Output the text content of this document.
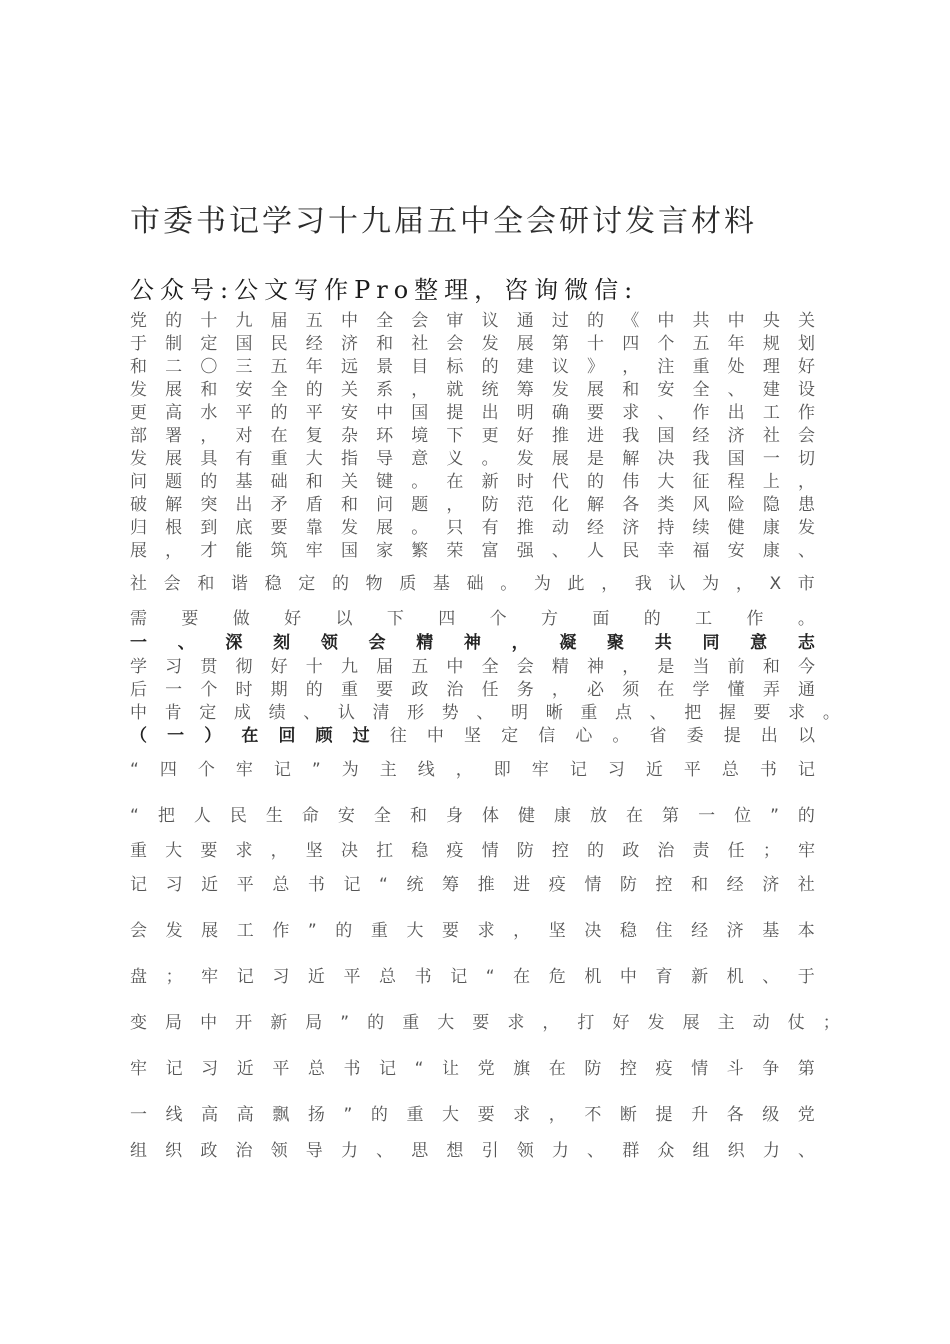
市委书记学习十九届五中全会研讨发言材料
公众号:公文写作Pro整理，咨询微信:
党 的 十 九 届 五 中 全 会 审 议 通 过 的 《 中 共 中 央 关
于 制 定 国 民 经 济 和 社 会 发 展 第 十 四 个 五 年 规 划
和 二 〇 三 五 年 远 景 目 标 的 建 议 》 ， 注 重 处 理 好
发 展 和 安 全 的 关 系 ， 就 统 筹 发 展 和 安 全 、 建 设
更 高 水 平 的 平 安 中 国 提 出 明 确 要 求 、 作 出 工 作
部 署 ， 对 在 复 杂 环 境 下 更 好 推 进 我 国 经 济 社 会
发 展 具 有 重 大 指 导 意 义 。 发 展 是 解 决 我 国 一 切
问 题 的 基 础 和 关 键 。 在 新 时 代 的 伟 大 征 程 上 ，
破 解 突 出 矛 盾 和 问 题 ， 防 范 化 解 各 类 风 险 隐 患
归 根 到 底 要 靠 发 展 。 只 有 推 动 经 济 持 续 健 康 发
展 ， 才 能 筑 牢 国 家 繁 荣 富 强 、 人 民 幸 福 安 康 、
社 会 和 谐 稳 定 的 物 质 基 础 。 为 此 ， 我 认 为 ， X 市
需 要 做 好 以 下 四 个 方 面 的 工 作 。
一 、 深 刻 领 会 精 神 ， 凝 聚 共 同 意 志
学 习 贯 彻 好 十 九 届 五 中 全 会 精 神 ， 是 当 前 和 今
后 一 个 时 期 的 重 要 政 治 任 务 ， 必 须 在 学 懂 弄 通
中 肯 定 成 绩 、 认 清 形 势 、 明 晰 重 点 、 把 握 要 求 。
（ 一 ） 在 回 顾 过 往 中 坚 定 信 心 。 省 委 提 出 以
“ 四 个 牢 记 ” 为 主 线 ， 即 牢 记 习 近 平 总 书 记
“ 把 人 民 生 命 安 全 和 身 体 健 康 放 在 第 一 位 ” 的
重 大 要 求 ， 坚 决 扛 稳 疫 情 防 控 的 政 治 责 任 ； 牢
记 习 近 平 总 书 记 “ 统 筹 推 进 疫 情 防 控 和 经 济 社
会 发 展 工 作 ” 的 重 大 要 求 ， 坚 决 稳 住 经 济 基 本
盘 ； 牢 记 习 近 平 总 书 记 “ 在 危 机 中 育 新 机 、 于
变 局 中 开 新 局 ” 的 重 大 要 求 ， 打 好 发 展 主 动 仗 ；
牢 记 习 近 平 总 书 记 “ 让 党 旗 在 防 控 疫 情 斗 争 第
一 线 高 高 飘 扬 ” 的 重 大 要 求 ， 不 断 提 升 各 级 党
组 织 政 治 领 导 力 、 思 想 引 领 力 、 群 众 组 织 力 、
